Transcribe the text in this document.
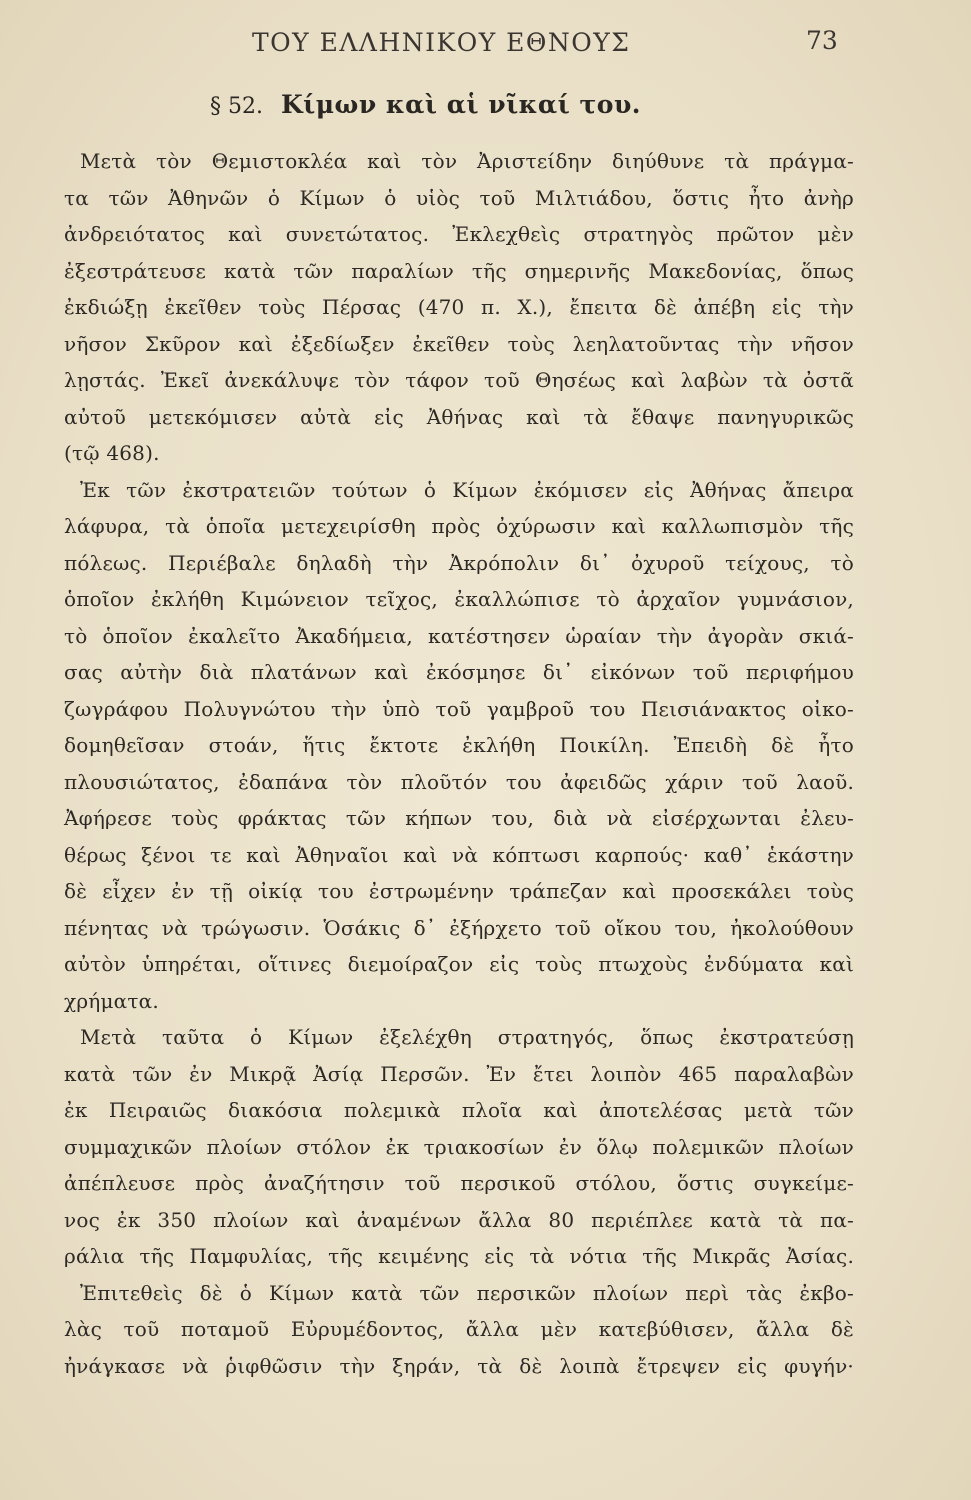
ΤΟΥ ΕΛΛΗΝΙΚΟΥ ΕΘΝΟΥΣ	73
§ 52. Κίμων καὶ αἱ νῖκαί του.
Μετὰ τὸν Θεμιστοκλέα καὶ τὸν Ἀριστείδην διηύθυνε τὰ πράγμα-
τα τῶν Ἀθηνῶν ὁ Κίμων ὁ υἱὸς τοῦ Μιλτιάδου, ὅστις ἦτο ἀνὴρ
ἀνδρειότατος καὶ συνετώτατος. Ἐκλεχθεὶς στρατηγὸς πρῶτον μὲν
ἐξεστράτευσε κατὰ τῶν παραλίων τῆς σημερινῆς Μακεδονίας, ὅπως
ἐκδιώξῃ ἐκεῖθεν τοὺς Πέρσας (470 π. Χ.), ἔπειτα δὲ ἀπέβη εἰς τὴν
νῆσον Σκῦρον καὶ ἐξεδίωξεν ἐκεῖθεν τοὺς λεηλατοῦντας τὴν νῆσον
λῃστάς. Ἐκεῖ ἀνεκάλυψε τὸν τάφον τοῦ Θησέως καὶ λαβὼν τὰ ὀστᾶ
αὐτοῦ μετεκόμισεν αὐτὰ εἰς Ἀθήνας καὶ τὰ ἔθαψε πανηγυρικῶς
(τῷ 468).
Ἐκ τῶν ἐκστρατειῶν τούτων ὁ Κίμων ἐκόμισεν εἰς Ἀθήνας ἄπειρα
λάφυρα, τὰ ὁποῖα μετεχειρίσθη πρὸς ὀχύρωσιν καὶ καλλωπισμὸν τῆς
πόλεως. Περιέβαλε δηλαδὴ τὴν Ἀκρόπολιν δι᾽ ὀχυροῦ τείχους, τὸ
ὁποῖον ἐκλήθη Κιμώνειον τεῖχος, ἐκαλλώπισε τὸ ἀρχαῖον γυμνάσιον,
τὸ ὁποῖον ἐκαλεῖτο Ἀκαδήμεια, κατέστησεν ὡραίαν τὴν ἀγορὰν σκιά-
σας αὐτὴν διὰ πλατάνων καὶ ἐκόσμησε δι᾽ εἰκόνων τοῦ περιφήμου
ζωγράφου Πολυγνώτου τὴν ὑπὸ τοῦ γαμβροῦ του Πεισιάνακτος οἰκο-
δομηθεῖσαν στοάν, ἥτις ἔκτοτε ἐκλήθη Ποικίλη. Ἐπειδὴ δὲ ἦτο
πλουσιώτατος, ἐδαπάνα τὸν πλοῦτόν του ἀφειδῶς χάριν τοῦ λαοῦ.
Ἀφήρεσε τοὺς φράκτας τῶν κήπων του, διὰ νὰ εἰσέρχωνται ἐλευ-
θέρως ξένοι τε καὶ Ἀθηναῖοι καὶ νὰ κόπτωσι καρπούς· καθ᾽ ἑκάστην
δὲ εἶχεν ἐν τῇ οἰκίᾳ του ἐστρωμένην τράπεζαν καὶ προσεκάλει τοὺς
πένητας νὰ τρώγωσιν. Ὁσάκις δ᾽ ἐξήρχετο τοῦ οἴκου του, ἠκολούθουν
αὐτὸν ὑπηρέται, οἵτινες διεμοίραζον εἰς τοὺς πτωχοὺς ἐνδύματα καὶ
χρήματα.
Μετὰ ταῦτα ὁ Κίμων ἐξελέχθη στρατηγός, ὅπως ἐκστρατεύσῃ
κατὰ τῶν ἐν Μικρᾷ Ἀσίᾳ Περσῶν. Ἐν ἔτει λοιπὸν 465 παραλαβὼν
ἐκ Πειραιῶς διακόσια πολεμικὰ πλοῖα καὶ ἀποτελέσας μετὰ τῶν
συμμαχικῶν πλοίων στόλον ἐκ τριακοσίων ἐν ὅλῳ πολεμικῶν πλοίων
ἀπέπλευσε πρὸς ἀναζήτησιν τοῦ περσικοῦ στόλου, ὅστις συγκείμε-
νος ἐκ 350 πλοίων καὶ ἀναμένων ἄλλα 80 περιέπλεε κατὰ τὰ πα-
ράλια τῆς Παμφυλίας, τῆς κειμένης εἰς τὰ νότια τῆς Μικρᾶς Ἀσίας.
Ἐπιτεθεὶς δὲ ὁ Κίμων κατὰ τῶν περσικῶν πλοίων περὶ τὰς ἐκβο-
λὰς τοῦ ποταμοῦ Εὐρυμέδοντος, ἄλλα μὲν κατεβύθισεν, ἄλλα δὲ
ἠνάγκασε νὰ ῥιφθῶσιν τὴν ξηράν, τὰ δὲ λοιπὰ ἔτρεψεν εἰς φυγήν·
